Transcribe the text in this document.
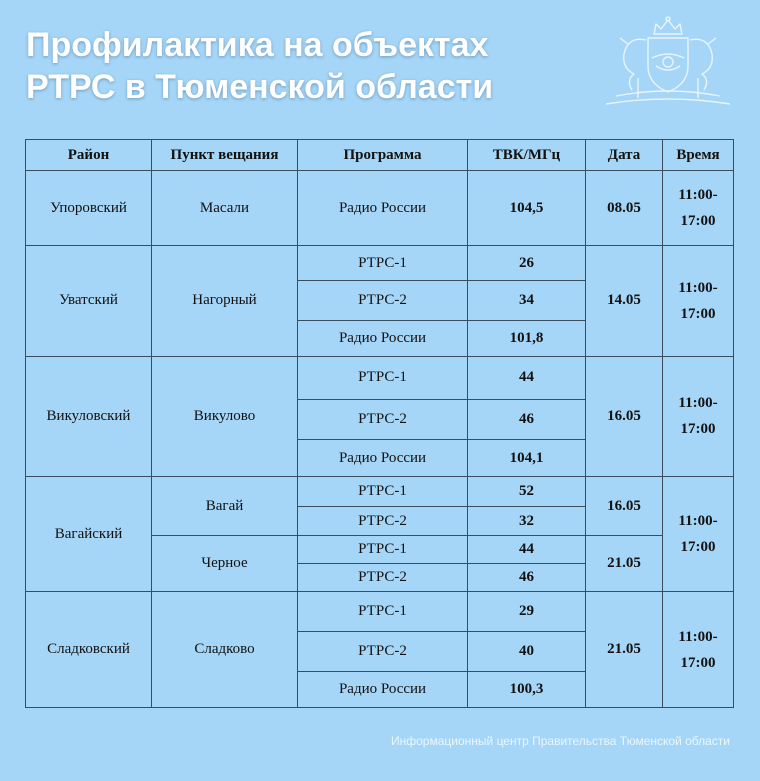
Профилактика на объектах
РТРС в Тюменской области
Район	Пункт вещания	Программа	ТВК/МГц	Дата	Время
Упоровский	Масали	Радио России	104,5	08.05	11:00-
17:00
Уватский	Нагорный	РТРС-1	26	14.05	11:00-
17:00
		РТРС-2	34		
		Радио России	101,8		
Викуловский	Викулово	РТРС-1	44	16.05	11:00-
17:00
		РТРС-2	46		
		Радио России	104,1		
Вагайский	Вагай	РТРС-1	52	16.05	11:00-
17:00
		РТРС-2	32		
	Черное	РТРС-1	44	21.05	
		РТРС-2	46		
Сладковский	Сладково	РТРС-1	29	21.05	11:00-
17:00
		РТРС-2	40		
		Радио России	100,3		
Информационный центр Правительства Тюменской области
